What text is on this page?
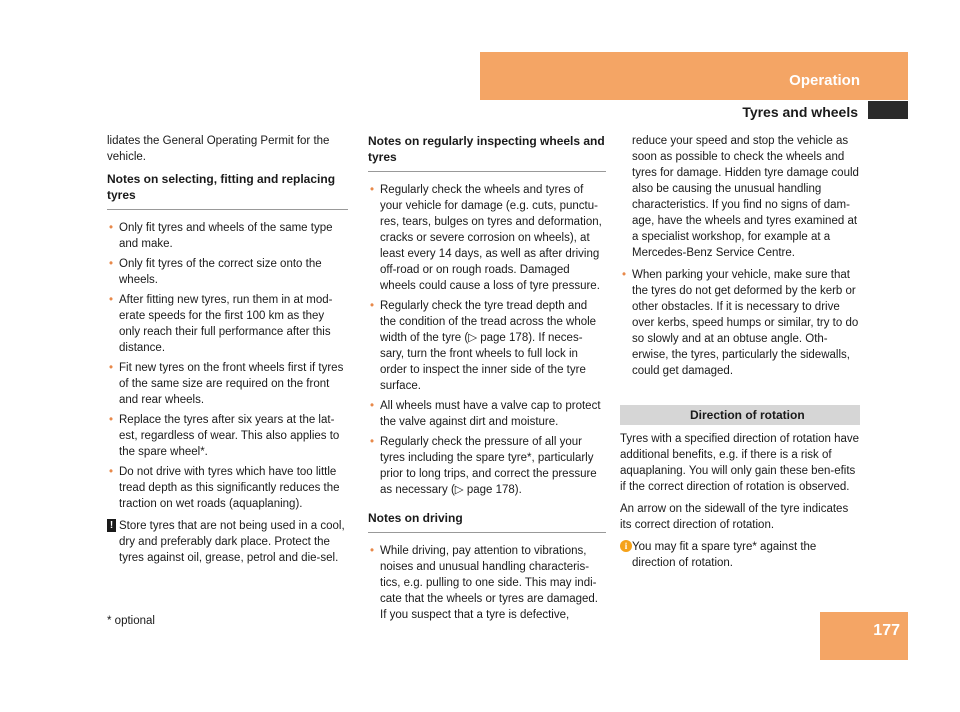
Operation
Tyres and wheels

lidates the General Operating Permit for the vehicle.

Notes on selecting, fitting and replacing tyres
• Only fit tyres and wheels of the same type and make.
• Only fit tyres of the correct size onto the wheels.
• After fitting new tyres, run them in at mod-erate speeds for the first 100 km as they only reach their full performance after this distance.
• Fit new tyres on the front wheels first if tyres of the same size are required on the front and rear wheels.
• Replace the tyres after six years at the lat-est, regardless of wear. This also applies to the spare wheel*.
• Do not drive with tyres which have too little tread depth as this significantly reduces the traction on wet roads (aquaplaning).
! Store tyres that are not being used in a cool, dry and preferably dark place. Protect the tyres against oil, grease, petrol and die-sel.
Notes on regularly inspecting wheels and tyres
• Regularly check the wheels and tyres of your vehicle for damage (e.g. cuts, punctu-res, tears, bulges on tyres and deformation, cracks or severe corrosion on wheels), at least every 14 days, as well as after driving off-road or on rough roads. Damaged wheels could cause a loss of tyre pressure.
• Regularly check the tyre tread depth and the condition of the tread across the whole width of the tyre (▷ page 178). If neces-sary, turn the front wheels to full lock in order to inspect the inner side of the tyre surface.
• All wheels must have a valve cap to protect the valve against dirt and moisture.
• Regularly check the pressure of all your tyres including the spare tyre*, particularly prior to long trips, and correct the pressure as necessary (▷ page 178).
Notes on driving
• While driving, pay attention to vibrations, noises and unusual handling characteris-tics, e.g. pulling to one side. This may indi-cate that the wheels or tyres are damaged. If you suspect that a tyre is defective,

reduce your speed and stop the vehicle as soon as possible to check the wheels and tyres for damage. Hidden tyre damage could also be causing the unusual handling characteristics. If you find no signs of dam-age, have the wheels and tyres examined at a specialist workshop, for example at a Mercedes-Benz Service Centre.

• When parking your vehicle, make sure that the tyres do not get deformed by the kerb or other obstacles. If it is necessary to drive over kerbs, speed humps or similar, try to do so slowly and at an obtuse angle. Oth-erwise, the tyres, particularly the sidewalls, could get damaged.
Direction of rotation

Tyres with a specified direction of rotation have additional benefits, e.g. if there is a risk of aquaplaning. You will only gain these ben-efits if the correct direction of rotation is observed.

An arrow on the sidewall of the tyre indicates its correct direction of rotation.

i You may fit a spare tyre* against the direction of rotation.
* optional
177
